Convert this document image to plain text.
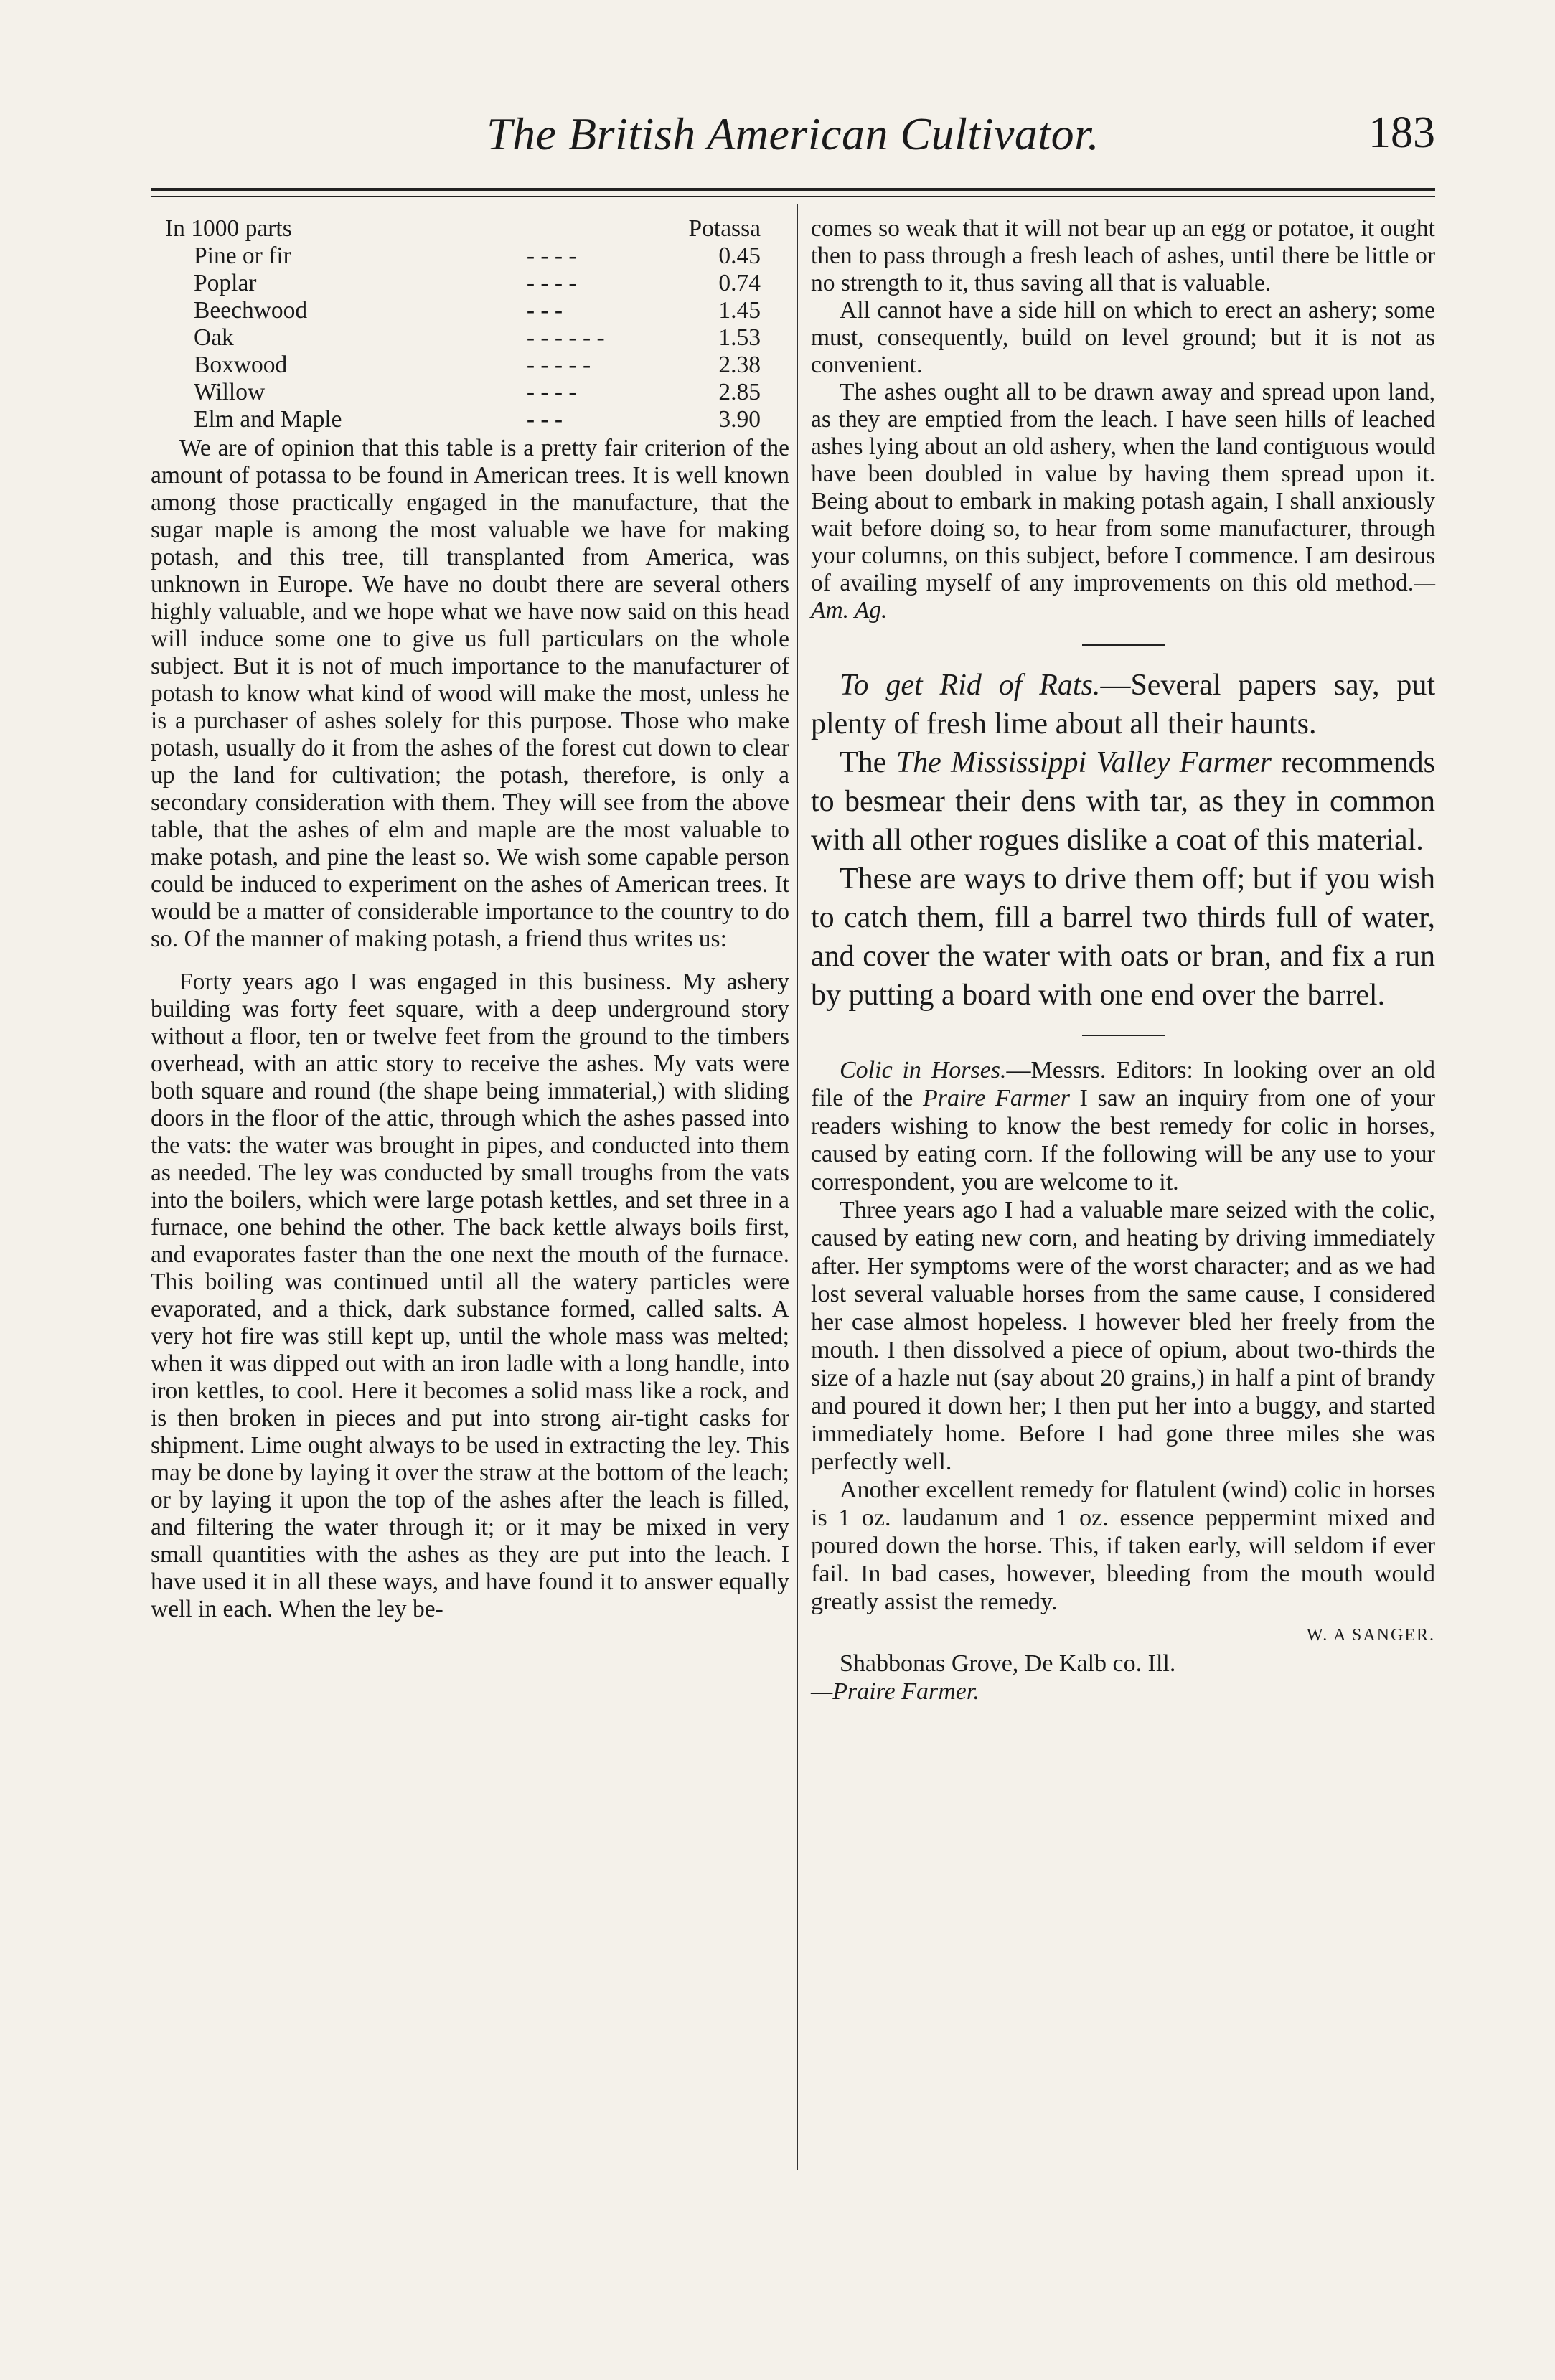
The British American Cultivator.	183
In 1000 parts		Potassa
Pine or fir	- - - -	0.45
Poplar	- - - -	0.74
Beechwood	- - -	1.45
Oak	- - - - - -	1.53
Boxwood	- - - - -	2.38
Willow	- - - -	2.85
Elm and Maple	- - -	3.90

We are of opinion that this table is a pretty fair criterion of the amount of potassa to be found in American trees. It is well known among those practically engaged in the manufacture, that the sugar maple is among the most valuable we have for making potash, and this tree, till transplanted from America, was unknown in Europe. We have no doubt there are several others highly valuable, and we hope what we have now said on this head will induce some one to give us full particulars on the whole subject. But it is not of much importance to the manufacturer of potash to know what kind of wood will make the most, unless he is a purchaser of ashes solely for this purpose. Those who make potash, usually do it from the ashes of the forest cut down to clear up the land for cultivation; the potash, therefore, is only a secondary consideration with them. They will see from the above table, that the ashes of elm and maple are the most valuable to make potash, and pine the least so. We wish some capable person could be induced to experiment on the ashes of American trees. It would be a matter of considerable importance to the country to do so. Of the manner of making potash, a friend thus writes us:

Forty years ago I was engaged in this business. My ashery building was forty feet square, with a deep underground story without a floor, ten or twelve feet from the ground to the timbers overhead, with an attic story to receive the ashes. My vats were both square and round (the shape being immaterial,) with sliding doors in the floor of the attic, through which the ashes passed into the vats: the water was brought in pipes, and conducted into them as needed. The ley was conducted by small troughs from the vats into the boilers, which were large potash kettles, and set three in a furnace, one behind the other. The back kettle always boils first, and evaporates faster than the one next the mouth of the furnace. This boiling was continued until all the watery particles were evaporated, and a thick, dark substance formed, called salts. A very hot fire was still kept up, until the whole mass was melted; when it was dipped out with an iron ladle with a long handle, into iron kettles, to cool. Here it becomes a solid mass like a rock, and is then broken in pieces and put into strong air-tight casks for shipment. Lime ought always to be used in extracting the ley. This may be done by laying it over the straw at the bottom of the leach; or by laying it upon the top of the ashes after the leach is filled, and filtering the water through it; or it may be mixed in very small quantities with the ashes as they are put into the leach. I have used it in all these ways, and have found it to answer equally well in each. When the ley be-

comes so weak that it will not bear up an egg or potatoe, it ought then to pass through a fresh leach of ashes, until there be little or no strength to it, thus saving all that is valuable.

All cannot have a side hill on which to erect an ashery; some must, consequently, build on level ground; but it is not as convenient.

The ashes ought all to be drawn away and spread upon land, as they are emptied from the leach. I have seen hills of leached ashes lying about an old ashery, when the land contiguous would have been doubled in value by having them spread upon it. Being about to embark in making potash again, I shall anxiously wait before doing so, to hear from some manufacturer, through your columns, on this subject, before I commence. I am desirous of availing myself of any improvements on this old method.—Am. Ag.

To get Rid of Rats.—Several papers say, put plenty of fresh lime about all their haunts.

The The Mississippi Valley Farmer recommends to besmear their dens with tar, as they in common with all other rogues dislike a coat of this material.

These are ways to drive them off; but if you wish to catch them, fill a barrel two thirds full of water, and cover the water with oats or bran, and fix a run by putting a board with one end over the barrel.

Colic in Horses.—Messrs. Editors: In looking over an old file of the Praire Farmer I saw an inquiry from one of your readers wishing to know the best remedy for colic in horses, caused by eating corn. If the following will be any use to your correspondent, you are welcome to it.

Three years ago I had a valuable mare seized with the colic, caused by eating new corn, and heating by driving immediately after. Her symptoms were of the worst character; and as we had lost several valuable horses from the same cause, I considered her case almost hopeless. I however bled her freely from the mouth. I then dissolved a piece of opium, about two-thirds the size of a hazle nut (say about 20 grains,) in half a pint of brandy and poured it down her; I then put her into a buggy, and started immediately home. Before I had gone three miles she was perfectly well.

Another excellent remedy for flatulent (wind) colic in horses is 1 oz. laudanum and 1 oz. essence peppermint mixed and poured down the horse. This, if taken early, will seldom if ever fail. In bad cases, however, bleeding from the mouth would greatly assist the remedy.

W. A SANGER.

Shabbonas Grove, De Kalb co. Ill.

—Praire Farmer.
